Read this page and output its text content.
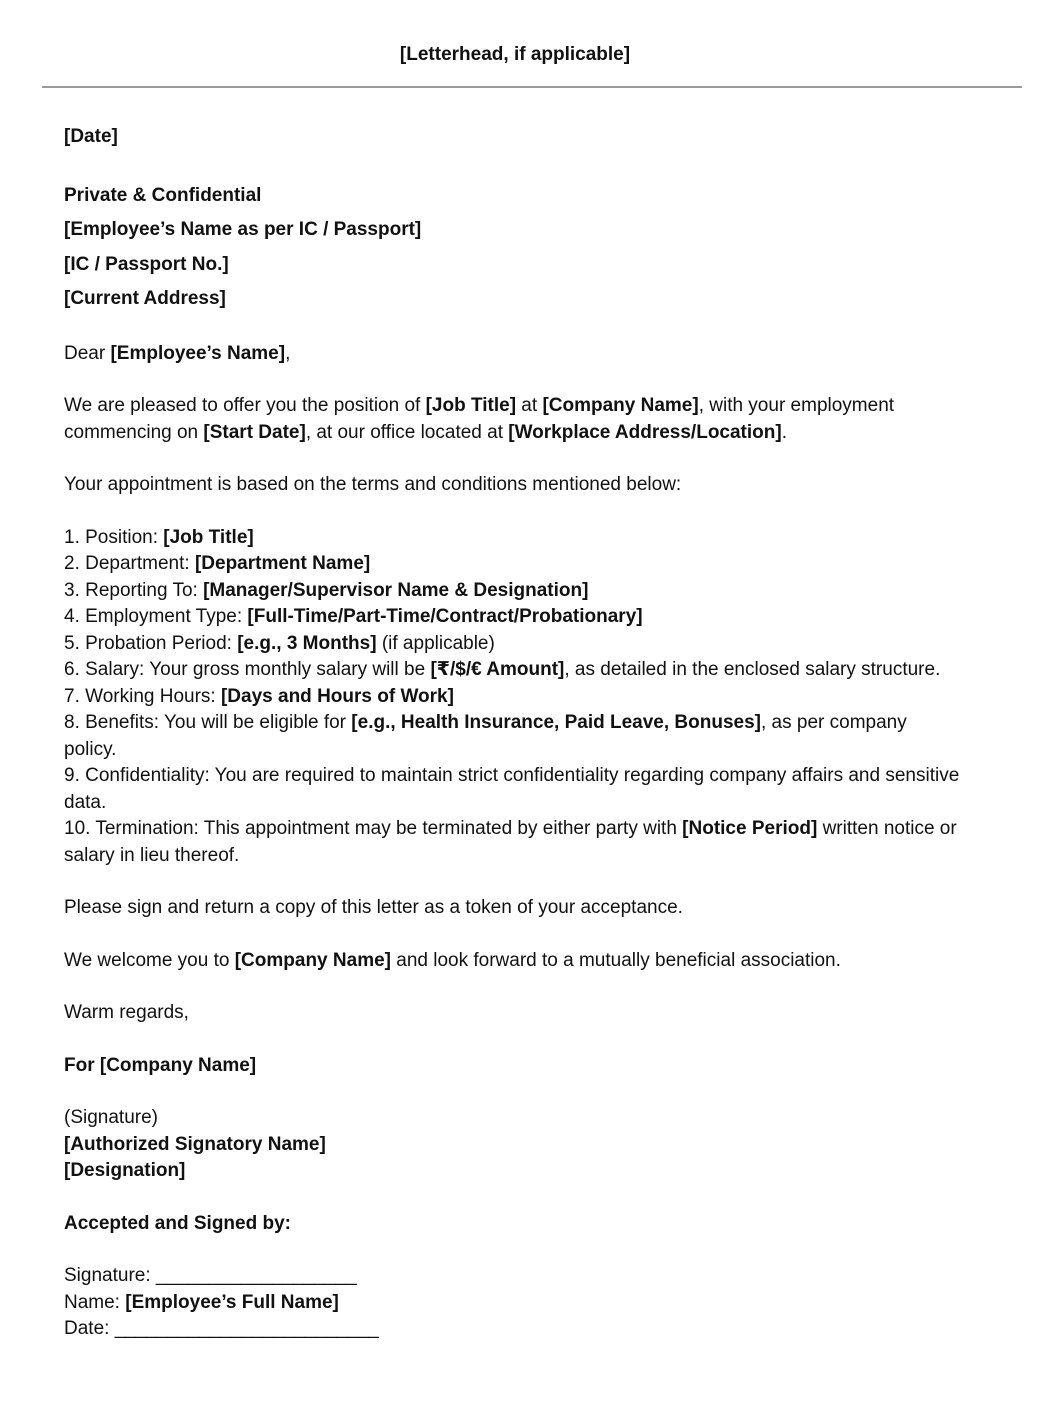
[Letterhead, if applicable]

[Date]

Private & Confidential

[Employee’s Name as per IC / Passport]

[IC / Passport No.]

[Current Address]

Dear [Employee’s Name],

We are pleased to offer you the position of [Job Title] at [Company Name], with your employment commencing on [Start Date], at our office located at [Workplace Address/Location].

Your appointment is based on the terms and conditions mentioned below:

1. Position: [Job Title]

2. Department: [Department Name]

3. Reporting To: [Manager/Supervisor Name & Designation]

4. Employment Type: [Full-Time/Part-Time/Contract/Probationary]

5. Probation Period: [e.g., 3 Months] (if applicable)

6. Salary: Your gross monthly salary will be [₹/$/€ Amount], as detailed in the enclosed salary structure.

7. Working Hours: [Days and Hours of Work]

8. Benefits: You will be eligible for [e.g., Health Insurance, Paid Leave, Bonuses], as per company policy.

9. Confidentiality: You are required to maintain strict confidentiality regarding company affairs and sensitive data.

10. Termination: This appointment may be terminated by either party with [Notice Period] written notice or salary in lieu thereof.

Please sign and return a copy of this letter as a token of your acceptance.

We welcome you to [Company Name] and look forward to a mutually beneficial association.

Warm regards,

For [Company Name]

(Signature)

[Authorized Signatory Name]

[Designation]

Accepted and Signed by:

Signature: ___________________

Name: [Employee’s Full Name]

Date: _________________________
